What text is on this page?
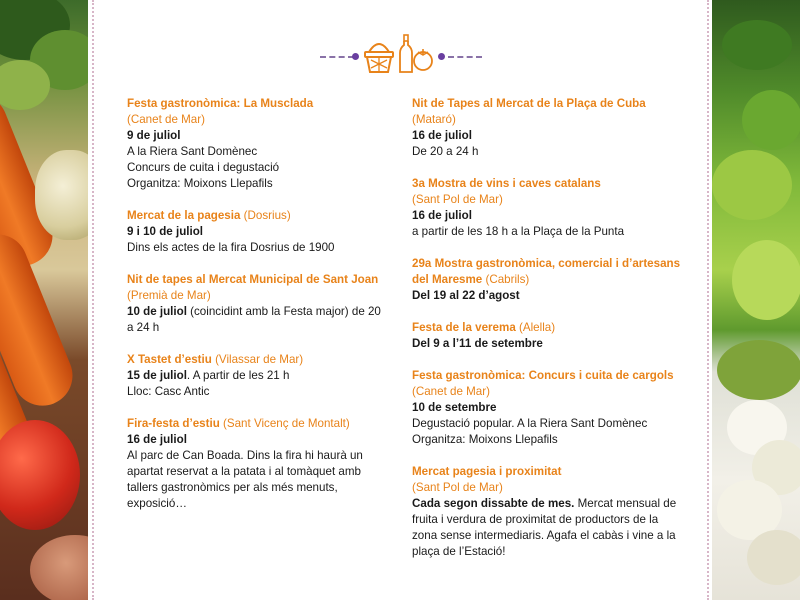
Festa gastronòmica: La Musclada
(Canet de Mar)
9 de juliol
A la Riera Sant Domènec
Concurs de cuita i degustació
Organitza: Moixons Llepafils
Mercat de la pagesia (Dosrius)
9 i 10 de juliol
Dins els actes de la fira Dosrius de 1900
Nit de tapes al Mercat Municipal de Sant Joan (Premià de Mar)
10 de juliol (coincidint amb la Festa major) de 20 a 24 h
X Tastet d’estiu (Vilassar de Mar)
15 de juliol. A partir de les 21 h
Lloc: Casc Antic
Fira-festa d’estiu (Sant Vicenç de Montalt)
16 de juliol
Al parc de Can Boada. Dins la fira hi haurà un apartat reservat a la patata i al tomàquet amb tallers gastronòmics per als més menuts, exposició…
Nit de Tapes al Mercat de la Plaça de Cuba
(Mataró)
16 de juliol
De 20 a 24 h
3a Mostra de vins i caves catalans
(Sant Pol de Mar)
16 de juliol
a partir de les 18 h a la Plaça de la Punta
29a Mostra gastronòmica, comercial i d’artesans del Maresme (Cabrils)
Del 19 al 22 d’agost
Festa de la verema (Alella)
Del 9 a l’11 de setembre
Festa gastronòmica: Concurs i cuita de cargols (Canet de Mar)
10 de setembre
Degustació popular. A la Riera Sant Domènec
Organitza: Moixons Llepafils
Mercat pagesia i proximitat
(Sant Pol de Mar)
Cada segon dissabte de mes. Mercat mensual de fruita i verdura de proximitat de productors de la zona sense intermediaris. Agafa el cabàs i vine a la plaça de l’Estació!
